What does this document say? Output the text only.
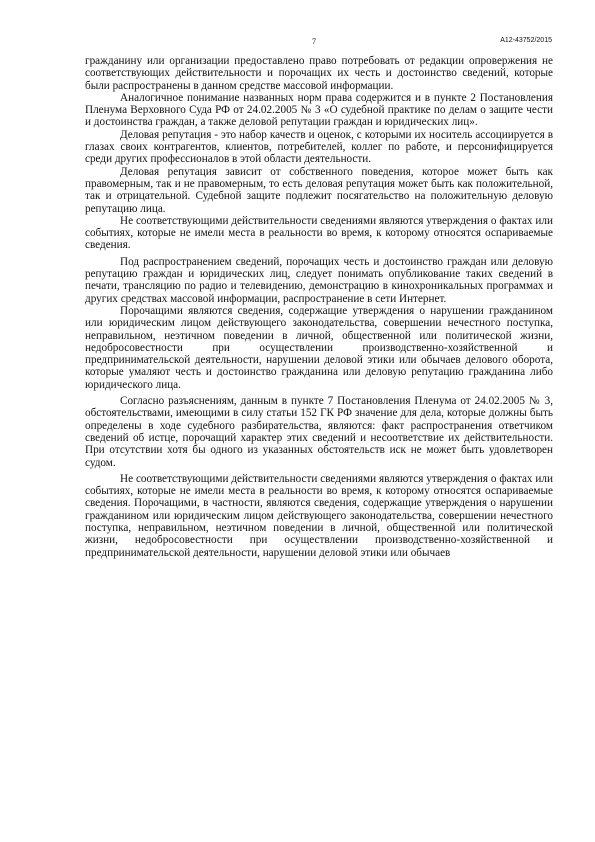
7	А12-43752/2015

гражданину или организации предоставлено право потребовать от редакции опровержения не соответствующих действительности и порочащих их честь и достоинство сведений, которые были распространены в данном средстве массовой информации.

Аналогичное понимание названных норм права содержится и в пункте 2 Постановления Пленума Верховного Суда РФ от 24.02.2005 № 3 «О судебной практике по делам о защите чести и достоинства граждан, а также деловой репутации граждан и юридических лиц».

Деловая репутация - это набор качеств и оценок, с которыми их носитель ассоциируется в глазах своих контрагентов, клиентов, потребителей, коллег по работе, и персонифицируется среди других профессионалов в этой области деятельности.

Деловая репутация зависит от собственного поведения, которое может быть как правомерным, так и не правомерным, то есть деловая репутация может быть как положительной, так и отрицательной. Судебной защите подлежит посягательство на положительную деловую репутацию лица.

Не соответствующими действительности сведениями являются утверждения о фактах или событиях, которые не имели места в реальности во время, к которому относятся оспариваемые сведения.

Под распространением сведений, порочащих честь и достоинство граждан или деловую репутацию граждан и юридических лиц, следует понимать опубликование таких сведений в печати, трансляцию по радио и телевидению, демонстрацию в кинохроникальных программах и других средствах массовой информации, распространение в сети Интернет.

Порочащими являются сведения, содержащие утверждения о нарушении гражданином или юридическим лицом действующего законодательства, совершении нечестного поступка, неправильном, неэтичном поведении в личной, общественной или политической жизни, недобросовестности при осуществлении производственно-хозяйственной и предпринимательской деятельности, нарушении деловой этики или обычаев делового оборота, которые умаляют честь и достоинство гражданина или деловую репутацию гражданина либо юридического лица.

Согласно разъяснениям, данным в пункте 7 Постановления Пленума от 24.02.2005 № 3, обстоятельствами, имеющими в силу статьи 152 ГК РФ значение для дела, которые должны быть определены в ходе судебного разбирательства, являются: факт распространения ответчиком сведений об истце, порочащий характер этих сведений и несоответствие их действительности. При отсутствии хотя бы одного из указанных обстоятельств иск не может быть удовлетворен судом.

Не соответствующими действительности сведениями являются утверждения о фактах или событиях, которые не имели места в реальности во время, к которому относятся оспариваемые сведения. Порочащими, в частности, являются сведения, содержащие утверждения о нарушении гражданином или юридическим лицом действующего законодательства, совершении нечестного поступка, неправильном, неэтичном поведении в личной, общественной или политической жизни, недобросовестности при осуществлении производственно-хозяйственной и предпринимательской деятельности, нарушении деловой этики или обычаев
